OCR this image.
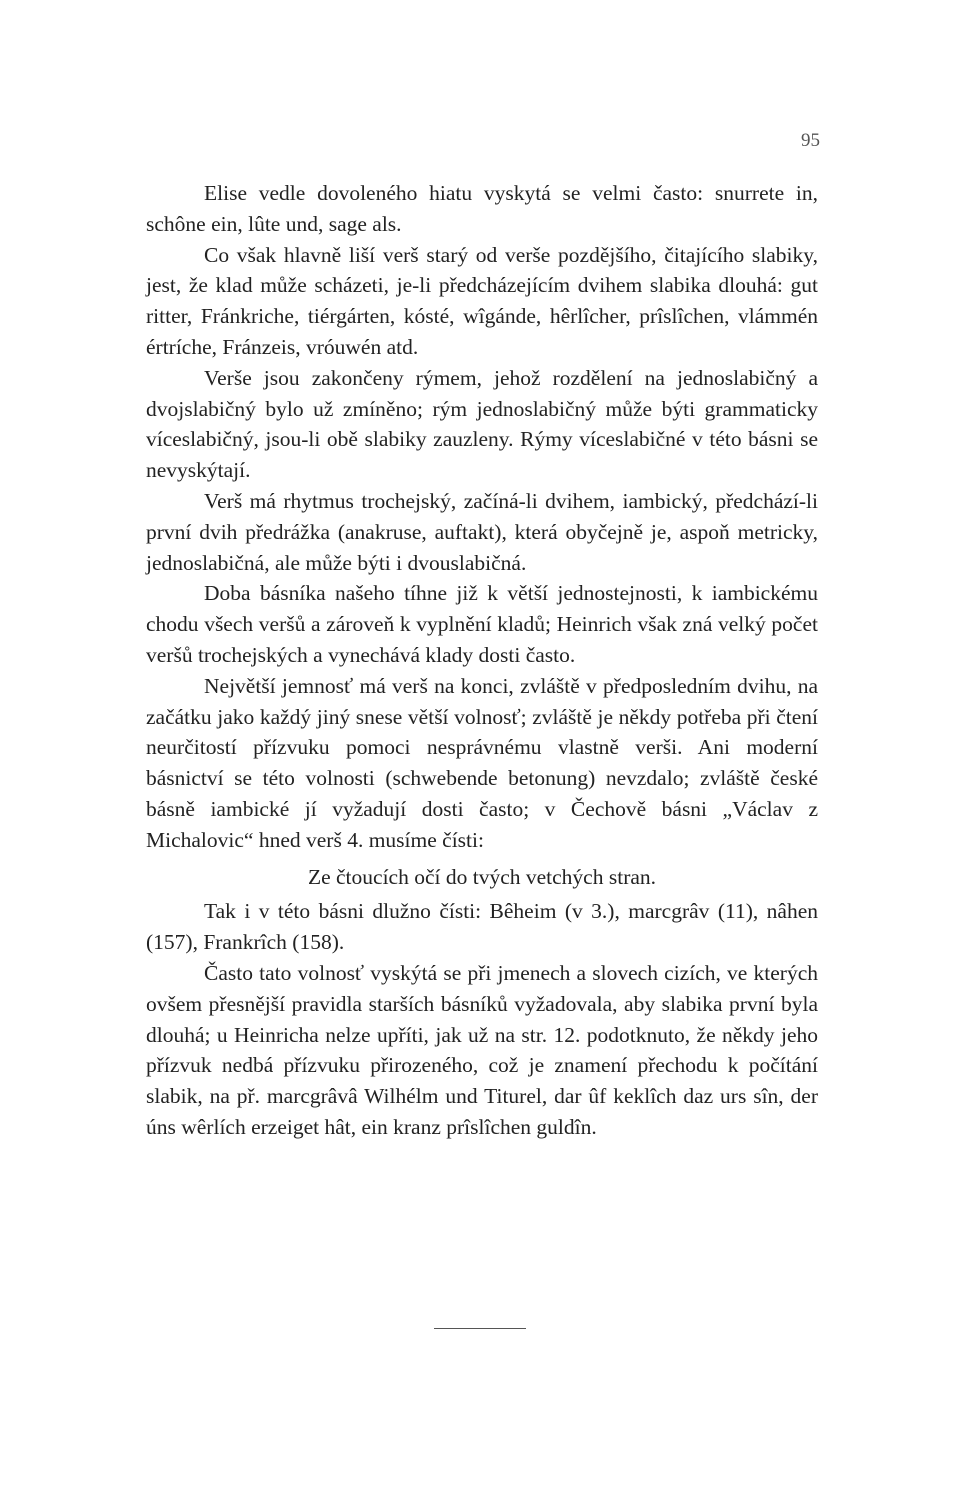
95

Elise vedle dovoleného hiatu vyskytá se velmi často: snurrete in, schône ein, lûte und, sage als.

Co však hlavně liší verš starý od verše pozdějšího, čitajícího slabiky, jest, že klad může scházeti, je-li předcházejícím dvihem slabika dlouhá: gut ritter, Fránkriche, tiérgárten, kósté, wîgánde, hêrlîcher, prîslîchen, vlámmén értríche, Fránzeis, vróuwén atd.

Verše jsou zakončeny rýmem, jehož rozdělení na jednoslabičný a dvojslabičný bylo už zmíněno; rým jednoslabičný může býti grammaticky víceslabičný, jsou-li obě slabiky zauzleny. Rýmy víceslabičné v této básni se nevyskýtají.

Verš má rhytmus trochejský, začíná-li dvihem, iambický, předchází-li první dvih předrážka (anakruse, auftakt), která obyčejně je, aspoň metricky, jednoslabičná, ale může býti i dvouslabičná.

Doba básníka našeho tíhne již k větší jednostejnosti, k iambickému chodu všech veršů a zároveň k vyplnění kladů; Heinrich však zná velký počet veršů trochejských a vynechává klady dosti často.

Největší jemnosť má verš na konci, zvláště v předposledním dvihu, na začátku jako každý jiný snese větší volnosť; zvláště je někdy potřeba při čtení neurčitostí přízvuku pomoci nesprávnému vlastně verši. Ani moderní básnictví se této volnosti (schwebende betonung) nevzdalo; zvláště české básně iambické jí vyžadují dosti často; v Čechově básni „Václav z Michalovic“ hned verš 4. musíme čísti:

Ze čtoucích očí do tvých vetchých stran.

Tak i v této básni dlužno čísti: Bêheim (v 3.), marcgrâv (11), nâhen (157), Frankrîch (158).

Často tato volnosť vyskýtá se při jmenech a slovech cizích, ve kterých ovšem přesnější pravidla starších básníků vyžadovala, aby slabika první byla dlouhá; u Heinricha nelze upříti, jak už na str. 12. podotknuto, že někdy jeho přízvuk nedbá přízvuku přirozeného, což je znamení přechodu k počítání slabik, na př. marcgrâvâ Wilhélm und Titurel, dar ûf keklîch daz urs sîn, der úns wêrlích erzeiget hât, ein kranz prîslîchen guldîn.
